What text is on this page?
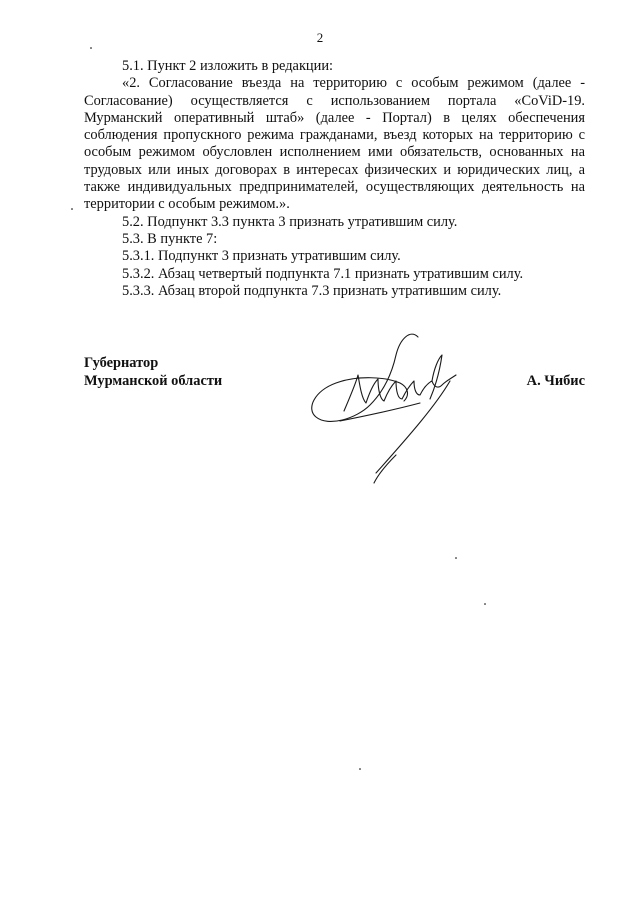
2

5.1. Пункт 2 изложить в редакции:

«2. Согласование въезда на территорию с особым режимом (далее - Согласование) осуществляется с использованием портала «CoViD-19. Мурманский оперативный штаб» (далее - Портал) в целях обеспечения соблюдения пропускного режима гражданами, въезд которых на территорию с особым режимом обусловлен исполнением ими обязательств, основанных на трудовых или иных договорах в интересах физических и юридических лиц, а также индивидуальных предпринимателей, осуществляющих деятельность на территории с особым режимом.».

5.2. Подпункт 3.3 пункта 3 признать утратившим силу.

5.3. В пункте 7:

5.3.1. Подпункт 3 признать утратившим силу.

5.3.2. Абзац четвертый подпункта 7.1 признать утратившим силу.

5.3.3. Абзац второй подпункта 7.3 признать утратившим силу.

Губернатор
Мурманской области	А. Чибис
